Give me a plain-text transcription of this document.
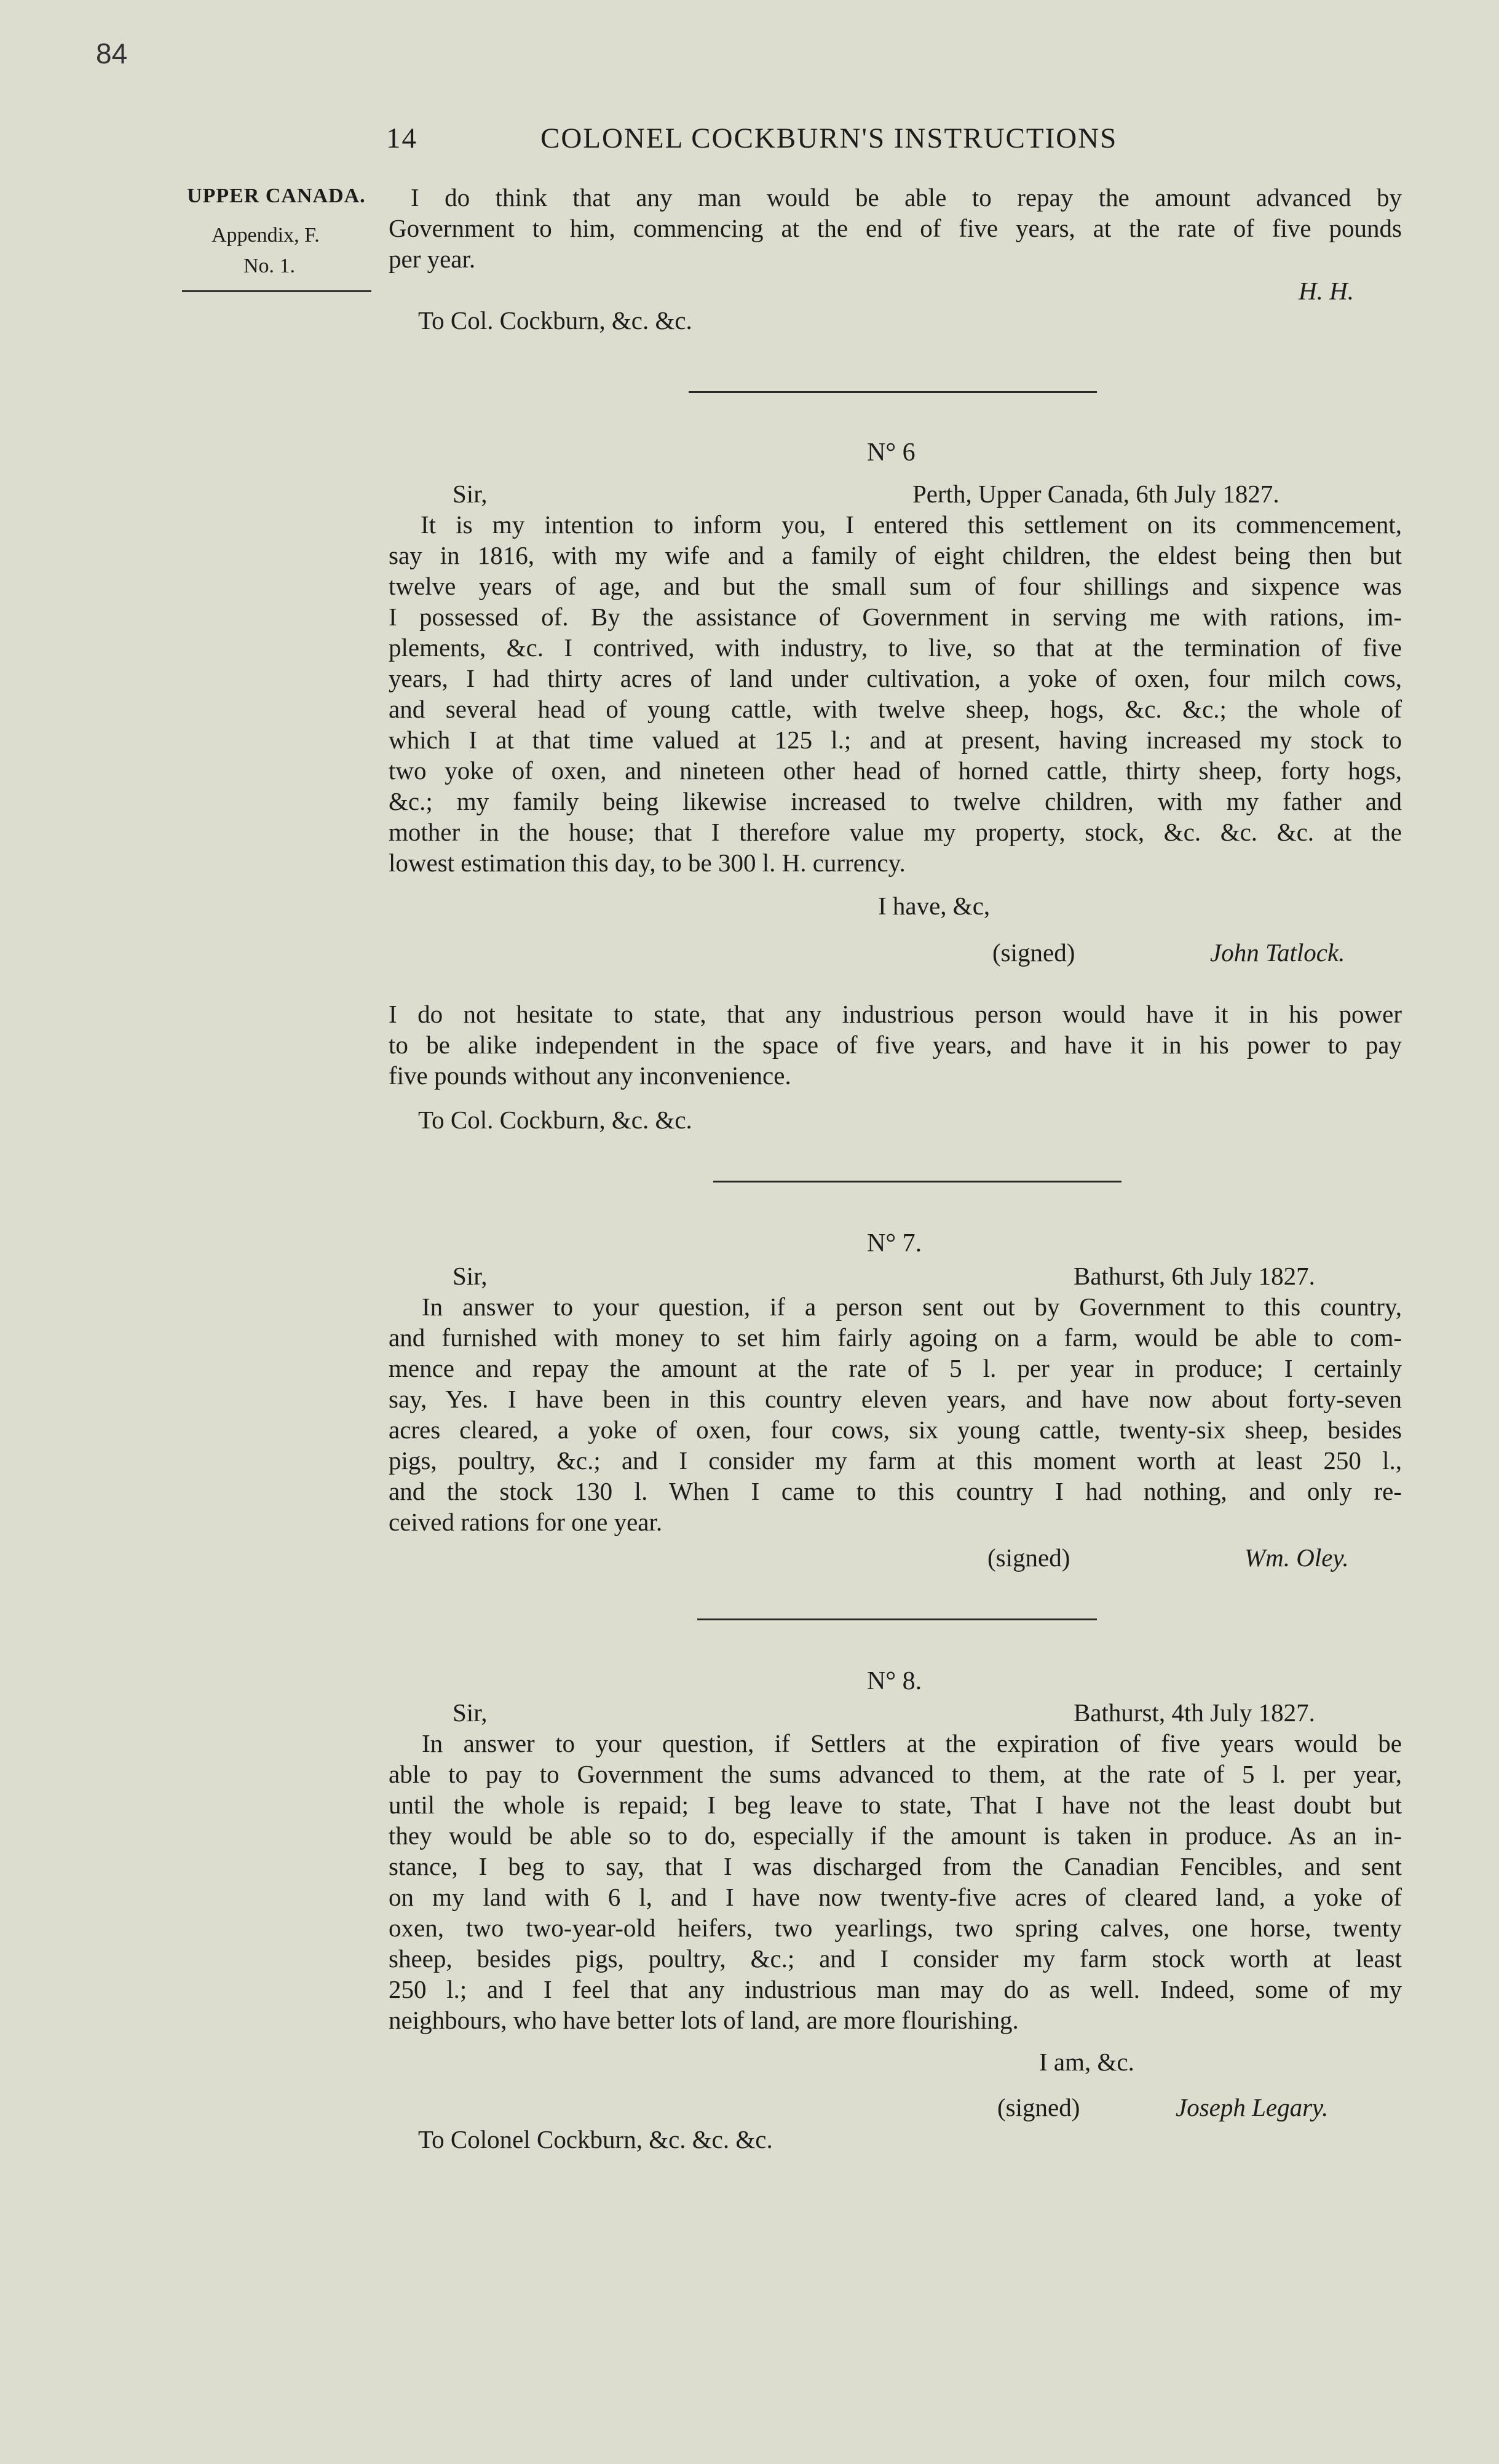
84
14	COLONEL COCKBURN'S INSTRUCTIONS
UPPER CANADA.
Appendix, F.
No. 1.
I do think that any man would be able to repay the amount advanced by
Government to him, commencing at the end of five years, at the rate of five pounds
per year.
H. H.
To Col. Cockburn, &c. &c.
N° 6
Sir,	Perth, Upper Canada, 6th July 1827.
It is my intention to inform you, I entered this settlement on its commencement,
say in 1816, with my wife and a family of eight children, the eldest being then but
twelve years of age, and but the small sum of four shillings and sixpence was
I possessed of. By the assistance of Government in serving me with rations, im-
plements, &c. I contrived, with industry, to live, so that at the termination of five
years, I had thirty acres of land under cultivation, a yoke of oxen, four milch cows,
and several head of young cattle, with twelve sheep, hogs, &c. &c.; the whole of
which I at that time valued at 125 l.; and at present, having increased my stock to
two yoke of oxen, and nineteen other head of horned cattle, thirty sheep, forty hogs,
&c.; my family being likewise increased to twelve children, with my father and
mother in the house; that I therefore value my property, stock, &c. &c. &c. at the
lowest estimation this day, to be 300 l. H. currency.
I have, &c,
(signed)	John Tatlock.
I do not hesitate to state, that any industrious person would have it in his power
to be alike independent in the space of five years, and have it in his power to pay
five pounds without any inconvenience.
To Col. Cockburn, &c. &c.
N° 7.
Sir,	Bathurst, 6th July 1827.
In answer to your question, if a person sent out by Government to this country,
and furnished with money to set him fairly agoing on a farm, would be able to com-
mence and repay the amount at the rate of 5 l. per year in produce; I certainly
say, Yes. I have been in this country eleven years, and have now about forty-seven
acres cleared, a yoke of oxen, four cows, six young cattle, twenty-six sheep, besides
pigs, poultry, &c.; and I consider my farm at this moment worth at least 250 l.,
and the stock 130 l. When I came to this country I had nothing, and only re-
ceived rations for one year.
(signed)	Wm. Oley.
N° 8.
Sir,	Bathurst, 4th July 1827.
In answer to your question, if Settlers at the expiration of five years would be
able to pay to Government the sums advanced to them, at the rate of 5 l. per year,
until the whole is repaid; I beg leave to state, That I have not the least doubt but
they would be able so to do, especially if the amount is taken in produce. As an in-
stance, I beg to say, that I was discharged from the Canadian Fencibles, and sent
on my land with 6 l, and I have now twenty-five acres of cleared land, a yoke of
oxen, two two-year-old heifers, two yearlings, two spring calves, one horse, twenty
sheep, besides pigs, poultry, &c.; and I consider my farm stock worth at least
250 l.; and I feel that any industrious man may do as well. Indeed, some of my
neighbours, who have better lots of land, are more flourishing.
I am, &c.
(signed)	Joseph Legary.
To Colonel Cockburn, &c. &c. &c.
